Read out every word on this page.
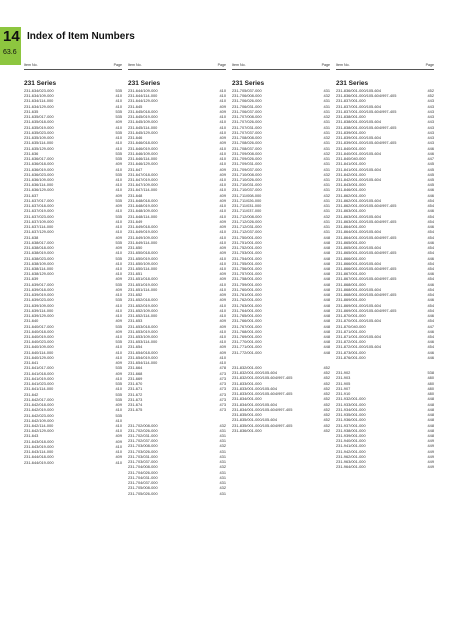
14
63.6
Index of Item Numbers
Item No.	Page
231 Series
231-634/023-000	535
231-634/109-000	410
231-634/114-000	410
231-634/129-000	410
231-635	535
231-635/017-000	535
231-635/018-000	409
231-635/019-000	410
231-635/023-000	535
231-635/109-000	410
231-635/114-000	410
231-635/129-000	410
231-636	535
231-636/017-000	535
231-636/018-000	409
231-636/019-000	410
231-636/023-000	535
231-636/109-000	410
231-636/114-000	410
231-636/129-000	410
231-637	409
231-637/017-000	535
231-637/018-000	409
231-637/019-000	410
231-637/023-000	535
231-637/109-000	410
231-637/114-000	410
231-637/129-000	410
231-638	409
231-638/017-000	535
231-638/018-000	409
231-638/019-000	410
231-638/023-000	535
231-638/109-000	410
231-638/114-000	410
231-638/129-000	410
231-639	409
231-639/017-000	535
231-639/018-000	409
231-639/019-000	410
231-639/023-000	535
231-639/109-000	410
231-639/114-000	410
231-639/129-000	410
231-640	409
231-640/017-000	535
231-640/018-000	409
231-640/019-000	410
231-640/023-000	535
231-640/109-000	410
231-640/114-000	410
231-640/129-000	410
231-641	409
231-641/017-000	535
231-641/018-000	409
231-641/019-000	410
231-641/023-000	535
231-641/114-000	410
231-642	535
231-642/017-000	535
231-642/018-000	409
231-642/019-000	410
231-642/023-000	535
231-642/109-000	410
231-642/114-000	410
231-642/129-000	410
231-643	409
231-643/018-000	409
231-643/019-000	410
231-643/114-000	410
231-644/018-000	409
231-644/019-000	410
Item No.	Page
231 Series
231-644/109-000	410
231-644/114-000	410
231-644/129-000	410
231-645	409
231-645/018-000	409
231-645/019-000	410
231-645/109-000	410
231-645/114-000	410
231-645/129-000	410
231-646	409
231-646/018-000	409
231-646/019-000	410
231-646/109-000	410
231-646/114-000	410
231-646/129-000	410
231-647	409
231-647/018-000	409
231-647/019-000	410
231-647/109-000	410
231-647/114-000	410
231-648	409
231-648/018-000	409
231-648/019-000	410
231-648/109-000	410
231-648/114-000	410
231-649	409
231-649/018-000	409
231-649/019-000	410
231-649/109-000	410
231-649/114-000	410
231-650	409
231-650/018-000	409
231-650/019-000	410
231-650/109-000	410
231-650/114-000	410
231-651	409
231-651/018-000	409
231-651/019-000	410
231-651/114-000	410
231-652	409
231-652/018-000	409
231-652/019-000	410
231-652/109-000	410
231-652/114-000	410
231-653	409
231-653/018-000	409
231-653/019-000	410
231-653/109-000	410
231-653/114-000	410
231-654	409
231-654/018-000	409
231-654/019-000	410
231-654/114-000	410
231-664	478
231-668	473
231-669	473
231-670	473
231-671	473
231-672	473
231-673	473
231-674	473
231-675	473
231-702/008-000	432
231-702/026-000	431
231-702/031-000	431
231-702/037-000	431
231-703/008-000	432
231-703/026-000	431
231-703/031-000	431
231-703/037-000	431
231-704/008-000	432
231-704/026-000	431
231-704/031-000	431
231-704/037-000	431
231-705/008-000	432
231-705/026-000	431
Item No.	Page
231 Series
231-705/037-000	431
231-706/008-000	432
231-706/026-000	431
231-706/031-000	431
231-706/037-000	431
231-707/008-000	432
231-707/026-000	431
231-707/031-000	431
231-707/037-000	431
231-708/008-000	432
231-708/026-000	431
231-708/037-000	431
231-709/008-000	432
231-709/026-000	431
231-709/031-000	431
231-709/037-000	431
231-710/008-000	432
231-710/026-000	431
231-710/031-000	431
231-710/037-000	431
231-711/008-000	432
231-711/026-000	431
231-711/031-000	431
231-711/037-000	431
231-712/008-000	432
231-712/026-000	431
231-712/031-000	431
231-712/037-000	431
231-750/001-000	448
231-751/001-000	448
231-752/001-000	448
231-753/001-000	448
231-754/001-000	448
231-755/001-000	448
231-756/001-000	448
231-757/001-000	448
231-758/001-000	448
231-759/001-000	448
231-760/001-000	448
231-761/001-000	448
231-762/001-000	448
231-763/001-000	448
231-764/001-000	448
231-765/001-000	448
231-766/001-000	448
231-767/001-000	448
231-768/001-000	448
231-769/001-000	448
231-770/001-000	448
231-771/001-000	448
231-772/001-000	448
231-832/001-000	452
231-832/001-000/105-604	452
231-832/001-000/105-604/997-405	452
231-833/001-000	452
231-833/001-000/105-604	452
231-833/001-000/105-604/997-405	452
231-834/001-000	452
231-834/001-000/105-604	452
231-834/001-000/105-604/997-405	452
231-835/001-000	452
231-835/001-000/105-604	452
231-835/001-000/105-604/997-405	452
231-836/001-000	452
Item No.	Page
231 Series
231-836/001-000/105-604	452
231-836/001-000/105-604/997-405	452
231-837/001-000	443
231-837/001-000/105-604	443
231-837/001-000/105-604/997-405	443
231-838/001-000	443
231-838/001-000/105-604	443
231-838/001-000/105-604/997-405	443
231-839/001-000	443
231-839/001-000/105-604	443
231-839/001-000/105-604/997-405	443
231-840/001-000	446
231-840/001-000/105-604	446
231-840/040-000	447
231-841/001-000	445
231-841/001-000/105-604	445
231-842/001-000	445
231-842/001-000/105-604	445
231-843/001-000	445
231-846/001-000	446
231-862/001-000	446
231-862/001-000/105-604	454
231-862/001-000/105-604/997-405	454
231-863/001-000	446
231-863/001-000/105-604	454
231-863/001-000/105-604/997-405	454
231-864/001-000	446
231-864/001-000/105-604	454
231-864/001-000/105-604/997-405	454
231-865/001-000	446
231-865/001-000/105-604	454
231-865/001-000/105-604/997-405	454
231-866/001-000	446
231-866/001-000/105-604	454
231-866/001-000/105-604/997-405	454
231-867/001-000	446
231-867/001-000/105-604/997-405	454
231-868/001-000	446
231-868/001-000/105-604	454
231-868/001-000/105-604/997-405	454
231-869/001-000	446
231-869/001-000/105-604	454
231-869/001-000/105-604/997-405	454
231-870/001-000	446
231-870/001-000/105-604	454
231-870/040-000	447
231-871/001-000	446
231-871/001-000/105-604	454
231-872/001-000	446
231-872/001-000/105-604	454
231-873/001-000	446
231-876/001-000	446
231-902	538
231-903	480
231-905	480
231-907	480
231-910	480
231-932/001-000	448
231-933/001-000	448
231-934/001-000	448
231-935/001-000	448
231-936/001-000	448
231-937/001-000	448
231-938/001-000	448
231-939/001-000	448
231-940/001-000	449
231-941/001-000	449
231-942/001-000	449
231-962/001-000	449
231-963/001-000	449
231-964/001-000	449
